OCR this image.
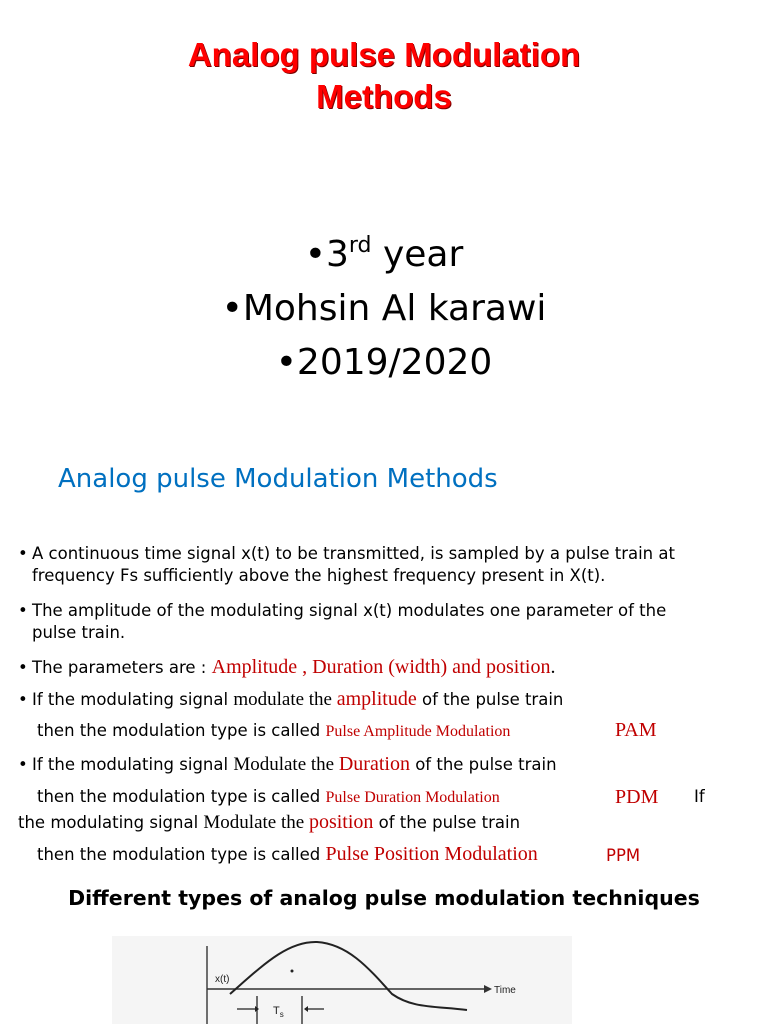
Analog pulse Modulation
Methods
•3rd year
•Mohsin Al karawi
•2019/2020
Analog pulse Modulation Methods
• A continuous time signal x(t) to be transmitted, is sampled by a pulse train at
frequency Fs sufficiently above the highest frequency present in X(t).
• The amplitude of the modulating signal x(t) modulates one parameter of the
pulse train.
• The parameters are : Amplitude , Duration (width) and position.
• If the modulating signal modulate the amplitude of the pulse train
then the modulation type is called Pulse Amplitude Modulation	PAM
• If the modulating signal Modulate the Duration of the pulse train
then the modulation type is called Pulse Duration Modulation	PDM If
the modulating signal Modulate the position of the pulse train
then the modulation type is called Pulse Position Modulation	PPM
Different types of analog pulse modulation techniques
x(t)
Time
$T_s$
